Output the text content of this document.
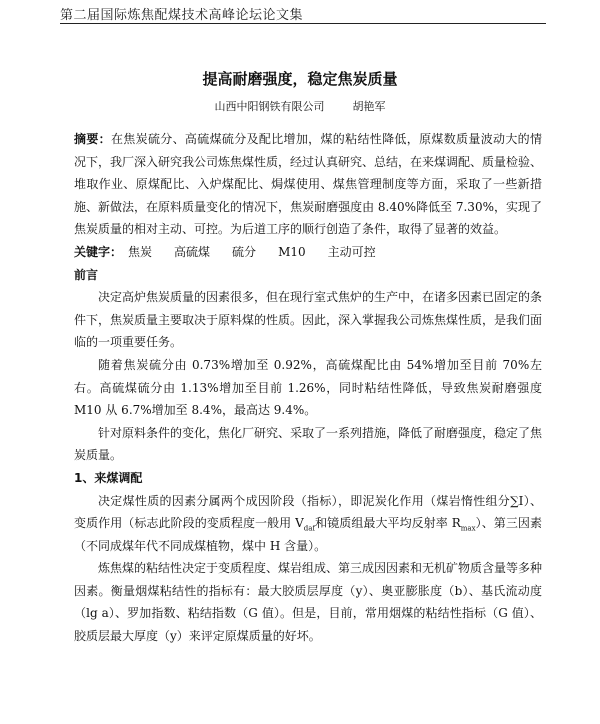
第二届国际炼焦配煤技术高峰论坛论文集
提高耐磨强度，稳定焦炭质量
山西中阳钢铁有限公司	胡艳军

摘要：在焦炭硫分、高硫煤硫分及配比增加，煤的粘结性降低，原煤数质量波动大的情况下，我厂深入研究我公司炼焦煤性质，经过认真研究、总结，在来煤调配、质量检验、堆取作业、原煤配比、入炉煤配比、焗煤使用、煤焦管理制度等方面，采取了一些新措施、新做法，在原料质量变化的情况下，焦炭耐磨强度由 8.40%降低至 7.30%，实现了焦炭质量的相对主动、可控。为后道工序的顺行创造了条件，取得了显著的效益。

关键字： 焦炭 高硫煤 硫分 M10 主动可控

前言

决定高炉焦炭质量的因素很多，但在现行室式焦炉的生产中，在诸多因素已固定的条件下，焦炭质量主要取决于原料煤的性质。因此，深入掌握我公司炼焦煤性质，是我们面临的一项重要任务。

随着焦炭硫分由 0.73%增加至 0.92%，高硫煤配比由 54%增加至目前 70%左右。高硫煤硫分由 1.13%增加至目前 1.26%，同时粘结性降低，导致焦炭耐磨强度 M10 从 6.7%增加至 8.4%，最高达 9.4%。

针对原料条件的变化，焦化厂研究、采取了一系列措施，降低了耐磨强度，稳定了焦炭质量。

1、来煤调配

决定煤性质的因素分属两个成因阶段（指标），即泥炭化作用（煤岩惰性组分∑I）、变质作用（标志此阶段的变质程度一般用 $V_{daf}$和镜质组最大平均反射率 $R_{max}$）、第三因素（不同成煤年代不同成煤植物，煤中 H 含量）。

炼焦煤的粘结性决定于变质程度、煤岩组成、第三成因因素和无机矿物质含量等多种因素。衡量烟煤粘结性的指标有：最大胶质层厚度（y）、奥亚膨胀度（b）、基氏流动度（lg a）、罗加指数、粘结指数（G 值）。但是，目前，常用烟煤的粘结性指标（G 值）、胶质层最大厚度（y）来评定原煤质量的好坏。
